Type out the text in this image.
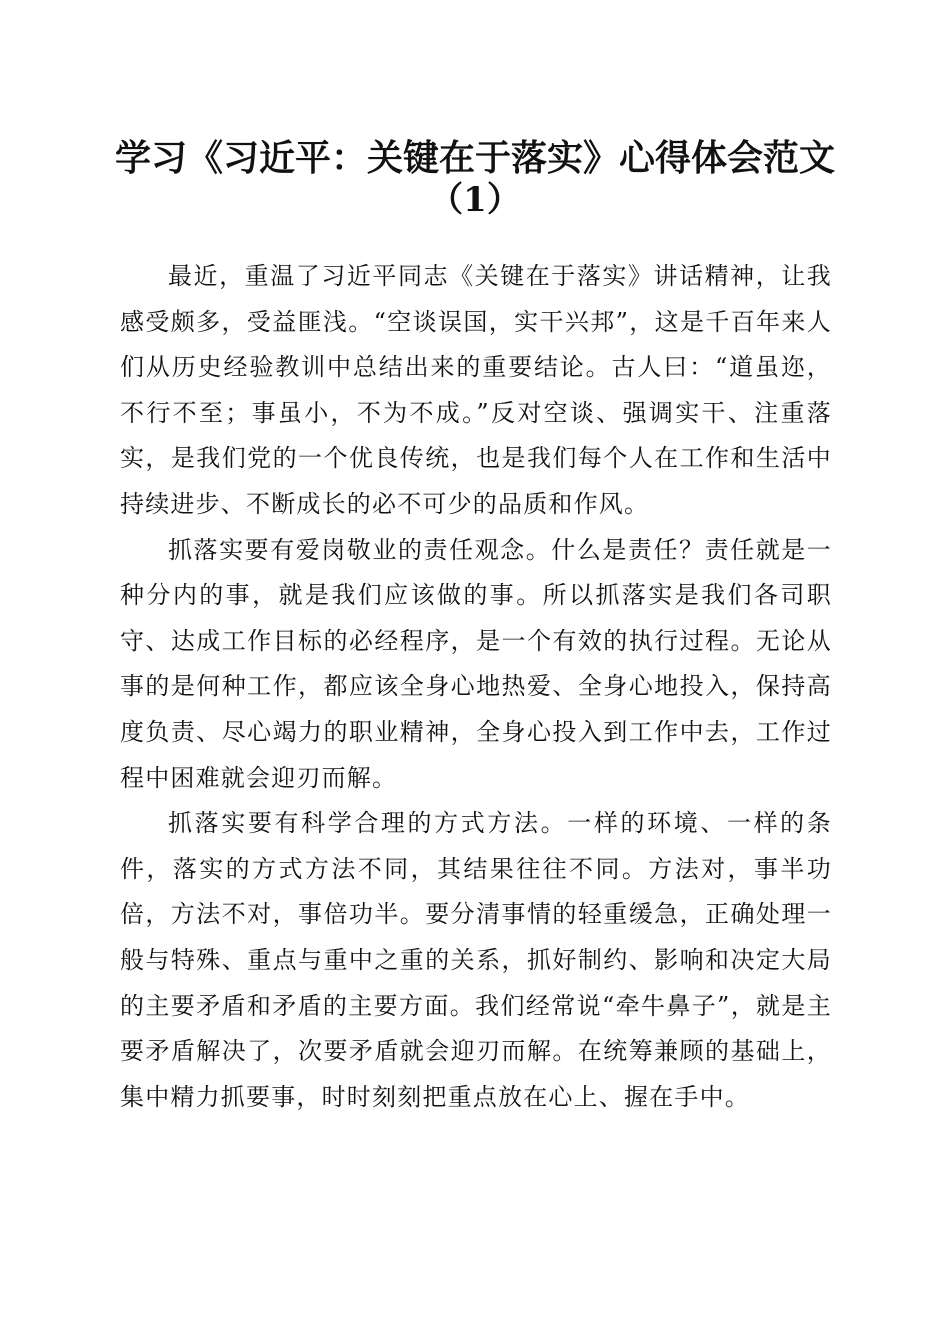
学习《习近平：关键在于落实》心得体会范文
（1）

最近，重温了习近平同志《关键在于落实》讲话精神，让我感受颇多，受益匪浅。“空谈误国，实干兴邦”，这是千百年来人们从历史经验教训中总结出来的重要结论。古人曰：“道虽迩，不行不至；事虽小，不为不成。”反对空谈、强调实干、注重落实，是我们党的一个优良传统，也是我们每个人在工作和生活中持续进步、不断成长的必不可少的品质和作风。

抓落实要有爱岗敬业的责任观念。什么是责任？责任就是一种分内的事，就是我们应该做的事。所以抓落实是我们各司职守、达成工作目标的必经程序，是一个有效的执行过程。无论从事的是何种工作，都应该全身心地热爱、全身心地投入，保持高度负责、尽心竭力的职业精神，全身心投入到工作中去，工作过程中困难就会迎刃而解。

抓落实要有科学合理的方式方法。一样的环境、一样的条件，落实的方式方法不同，其结果往往不同。方法对，事半功倍，方法不对，事倍功半。要分清事情的轻重缓急，正确处理一般与特殊、重点与重中之重的关系，抓好制约、影响和决定大局的主要矛盾和矛盾的主要方面。我们经常说“牵牛鼻子”，就是主要矛盾解决了，次要矛盾就会迎刃而解。在统筹兼顾的基础上，集中精力抓要事，时时刻刻把重点放在心上、握在手中。
